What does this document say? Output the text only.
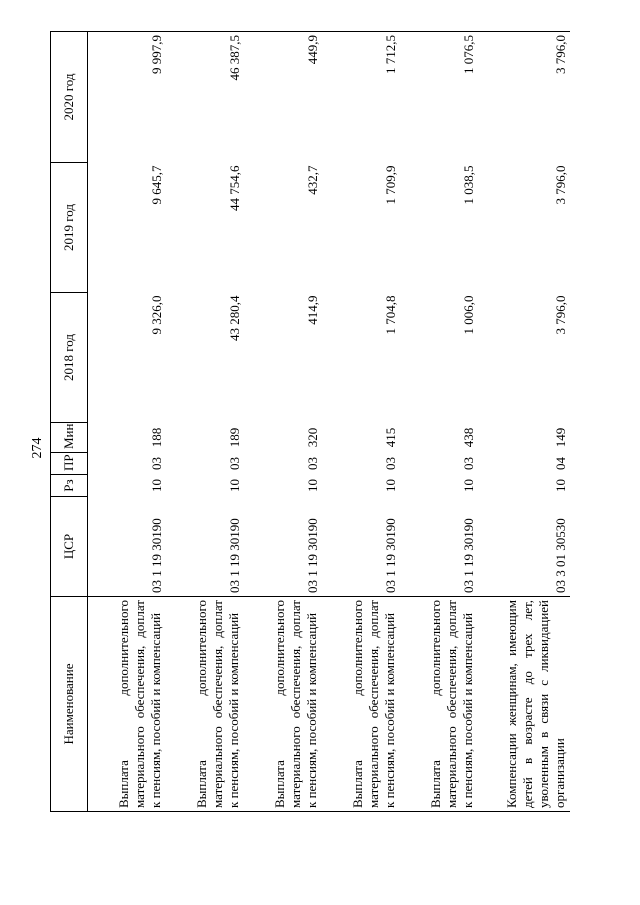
274
Наименование	ЦСР	Рз	ПР	Мин	2018 год	2019 год	2020 год
Выплата дополнительного материального обеспечения, доплат к пенсиям, пособий и компенсаций	03 1 19 30190	10	03	188	9 326,0	9 645,7	9 997,9
Выплата дополнительного материального обеспечения, доплат к пенсиям, пособий и компенсаций	03 1 19 30190	10	03	189	43 280,4	44 754,6	46 387,5
Выплата дополнительного материального обеспечения, доплат к пенсиям, пособий и компенсаций	03 1 19 30190	10	03	320	414,9	432,7	449,9
Выплата дополнительного материального обеспечения, доплат к пенсиям, пособий и компенсаций	03 1 19 30190	10	03	415	1 704,8	1 709,9	1 712,5
Выплата дополнительного материального обеспечения, доплат к пенсиям, пособий и компенсаций	03 1 19 30190	10	03	438	1 006,0	1 038,5	1 076,5
Компенсации женщинам, имеющим детей в возрасте до трех лет, уволенным в связи с ликвидацией организации	03 3 01 30530	10	04	149	3 796,0	3 796,0	3 796,0
